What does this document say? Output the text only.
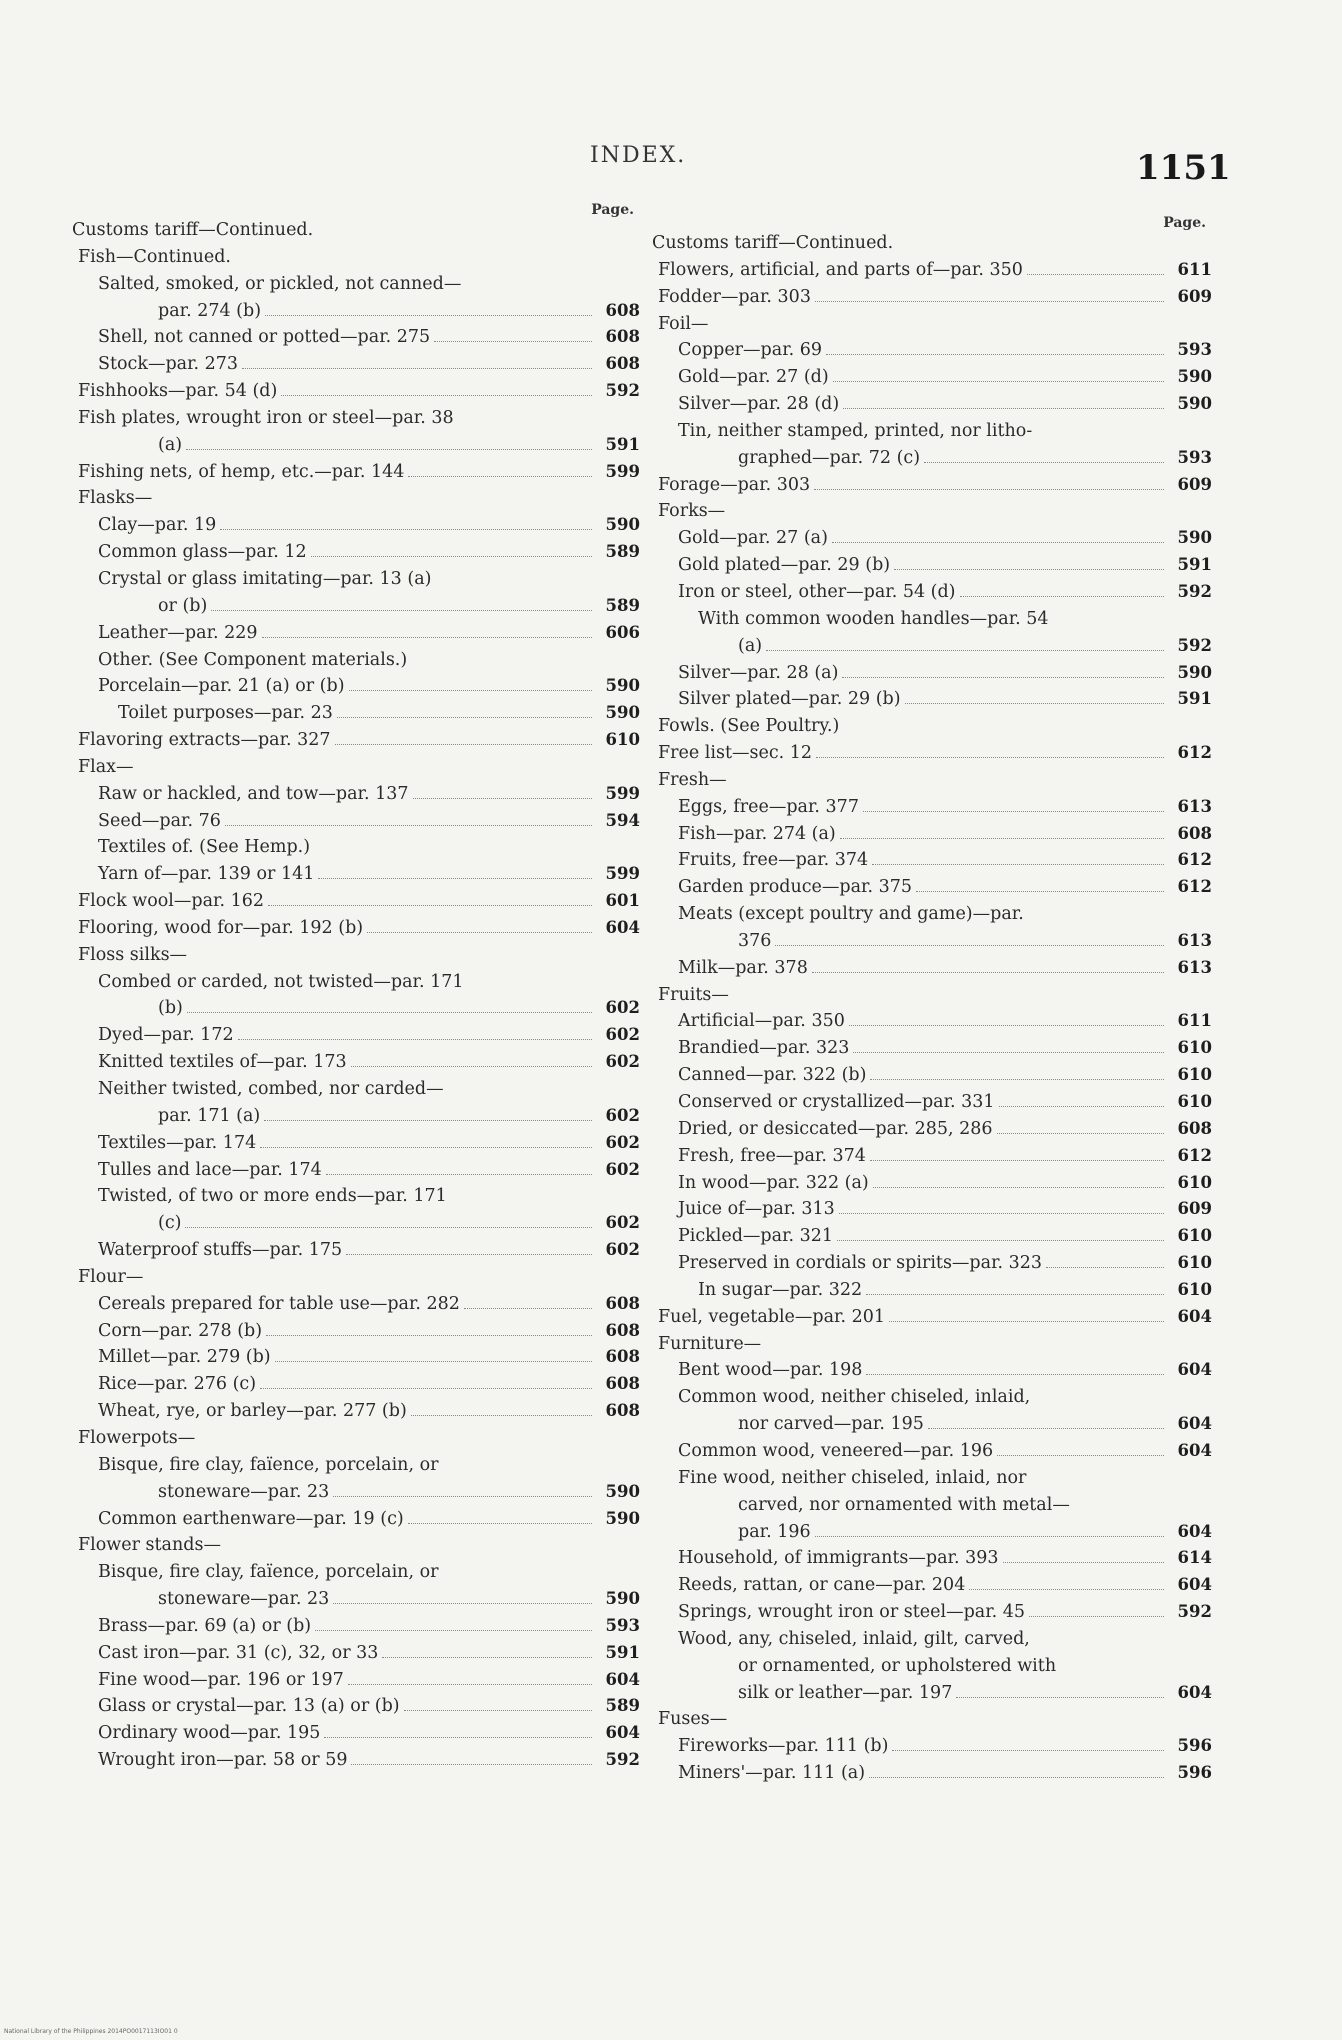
INDEX.	1151
Page.
Customs tariff—Continued.
Fish—Continued.
Salted, smoked, or pickled, not canned—
par. 274 (b)	608
Shell, not canned or potted—par. 275	608
Stock—par. 273	608
Fishhooks—par. 54 (d)	592
Fish plates, wrought iron or steel—par. 38
(a)	591
Fishing nets, of hemp, etc.—par. 144	599
Flasks—
Clay—par. 19	590
Common glass—par. 12	589
Crystal or glass imitating—par. 13 (a)
or (b)	589
Leather—par. 229	606
Other. (See Component materials.)
Porcelain—par. 21 (a) or (b)	590
Toilet purposes—par. 23	590
Flavoring extracts—par. 327	610
Flax—
Raw or hackled, and tow—par. 137	599
Seed—par. 76	594
Textiles of. (See Hemp.)
Yarn of—par. 139 or 141	599
Flock wool—par. 162	601
Flooring, wood for—par. 192 (b)	604
Floss silks—
Combed or carded, not twisted—par. 171
(b)	602
Dyed—par. 172	602
Knitted textiles of—par. 173	602
Neither twisted, combed, nor carded—
par. 171 (a)	602
Textiles—par. 174	602
Tulles and lace—par. 174	602
Twisted, of two or more ends—par. 171
(c)	602
Waterproof stuffs—par. 175	602
Flour—
Cereals prepared for table use—par. 282	608
Corn—par. 278 (b)	608
Millet—par. 279 (b)	608
Rice—par. 276 (c)	608
Wheat, rye, or barley—par. 277 (b)	608
Flowerpots—
Bisque, fire clay, faïence, porcelain, or
stoneware—par. 23	590
Common earthenware—par. 19 (c)	590
Flower stands—
Bisque, fire clay, faïence, porcelain, or
stoneware—par. 23	590
Brass—par. 69 (a) or (b)	593
Cast iron—par. 31 (c), 32, or 33	591
Fine wood—par. 196 or 197	604
Glass or crystal—par. 13 (a) or (b)	589
Ordinary wood—par. 195	604
Wrought iron—par. 58 or 59	592
Page.
Customs tariff—Continued.
Flowers, artificial, and parts of—par. 350	611
Fodder—par. 303	609
Foil—
Copper—par. 69	593
Gold—par. 27 (d)	590
Silver—par. 28 (d)	590
Tin, neither stamped, printed, nor litho-
graphed—par. 72 (c)	593
Forage—par. 303	609
Forks—
Gold—par. 27 (a)	590
Gold plated—par. 29 (b)	591
Iron or steel, other—par. 54 (d)	592
With common wooden handles—par. 54
(a)	592
Silver—par. 28 (a)	590
Silver plated—par. 29 (b)	591
Fowls. (See Poultry.)
Free list—sec. 12	612
Fresh—
Eggs, free—par. 377	613
Fish—par. 274 (a)	608
Fruits, free—par. 374	612
Garden produce—par. 375	612
Meats (except poultry and game)—par.
376	613
Milk—par. 378	613
Fruits—
Artificial—par. 350	611
Brandied—par. 323	610
Canned—par. 322 (b)	610
Conserved or crystallized—par. 331	610
Dried, or desiccated—par. 285, 286	608
Fresh, free—par. 374	612
In wood—par. 322 (a)	610
Juice of—par. 313	609
Pickled—par. 321	610
Preserved in cordials or spirits—par. 323	610
In sugar—par. 322	610
Fuel, vegetable—par. 201	604
Furniture—
Bent wood—par. 198	604
Common wood, neither chiseled, inlaid,
nor carved—par. 195	604
Common wood, veneered—par. 196	604
Fine wood, neither chiseled, inlaid, nor
carved, nor ornamented with metal—
par. 196	604
Household, of immigrants—par. 393	614
Reeds, rattan, or cane—par. 204	604
Springs, wrought iron or steel—par. 45	592
Wood, any, chiseled, inlaid, gilt, carved,
or ornamented, or upholstered with
silk or leather—par. 197	604
Fuses—
Fireworks—par. 111 (b)	596
Miners'—par. 111 (a)	596
National Library of the Philippines 2014PO0017113IO01 0
